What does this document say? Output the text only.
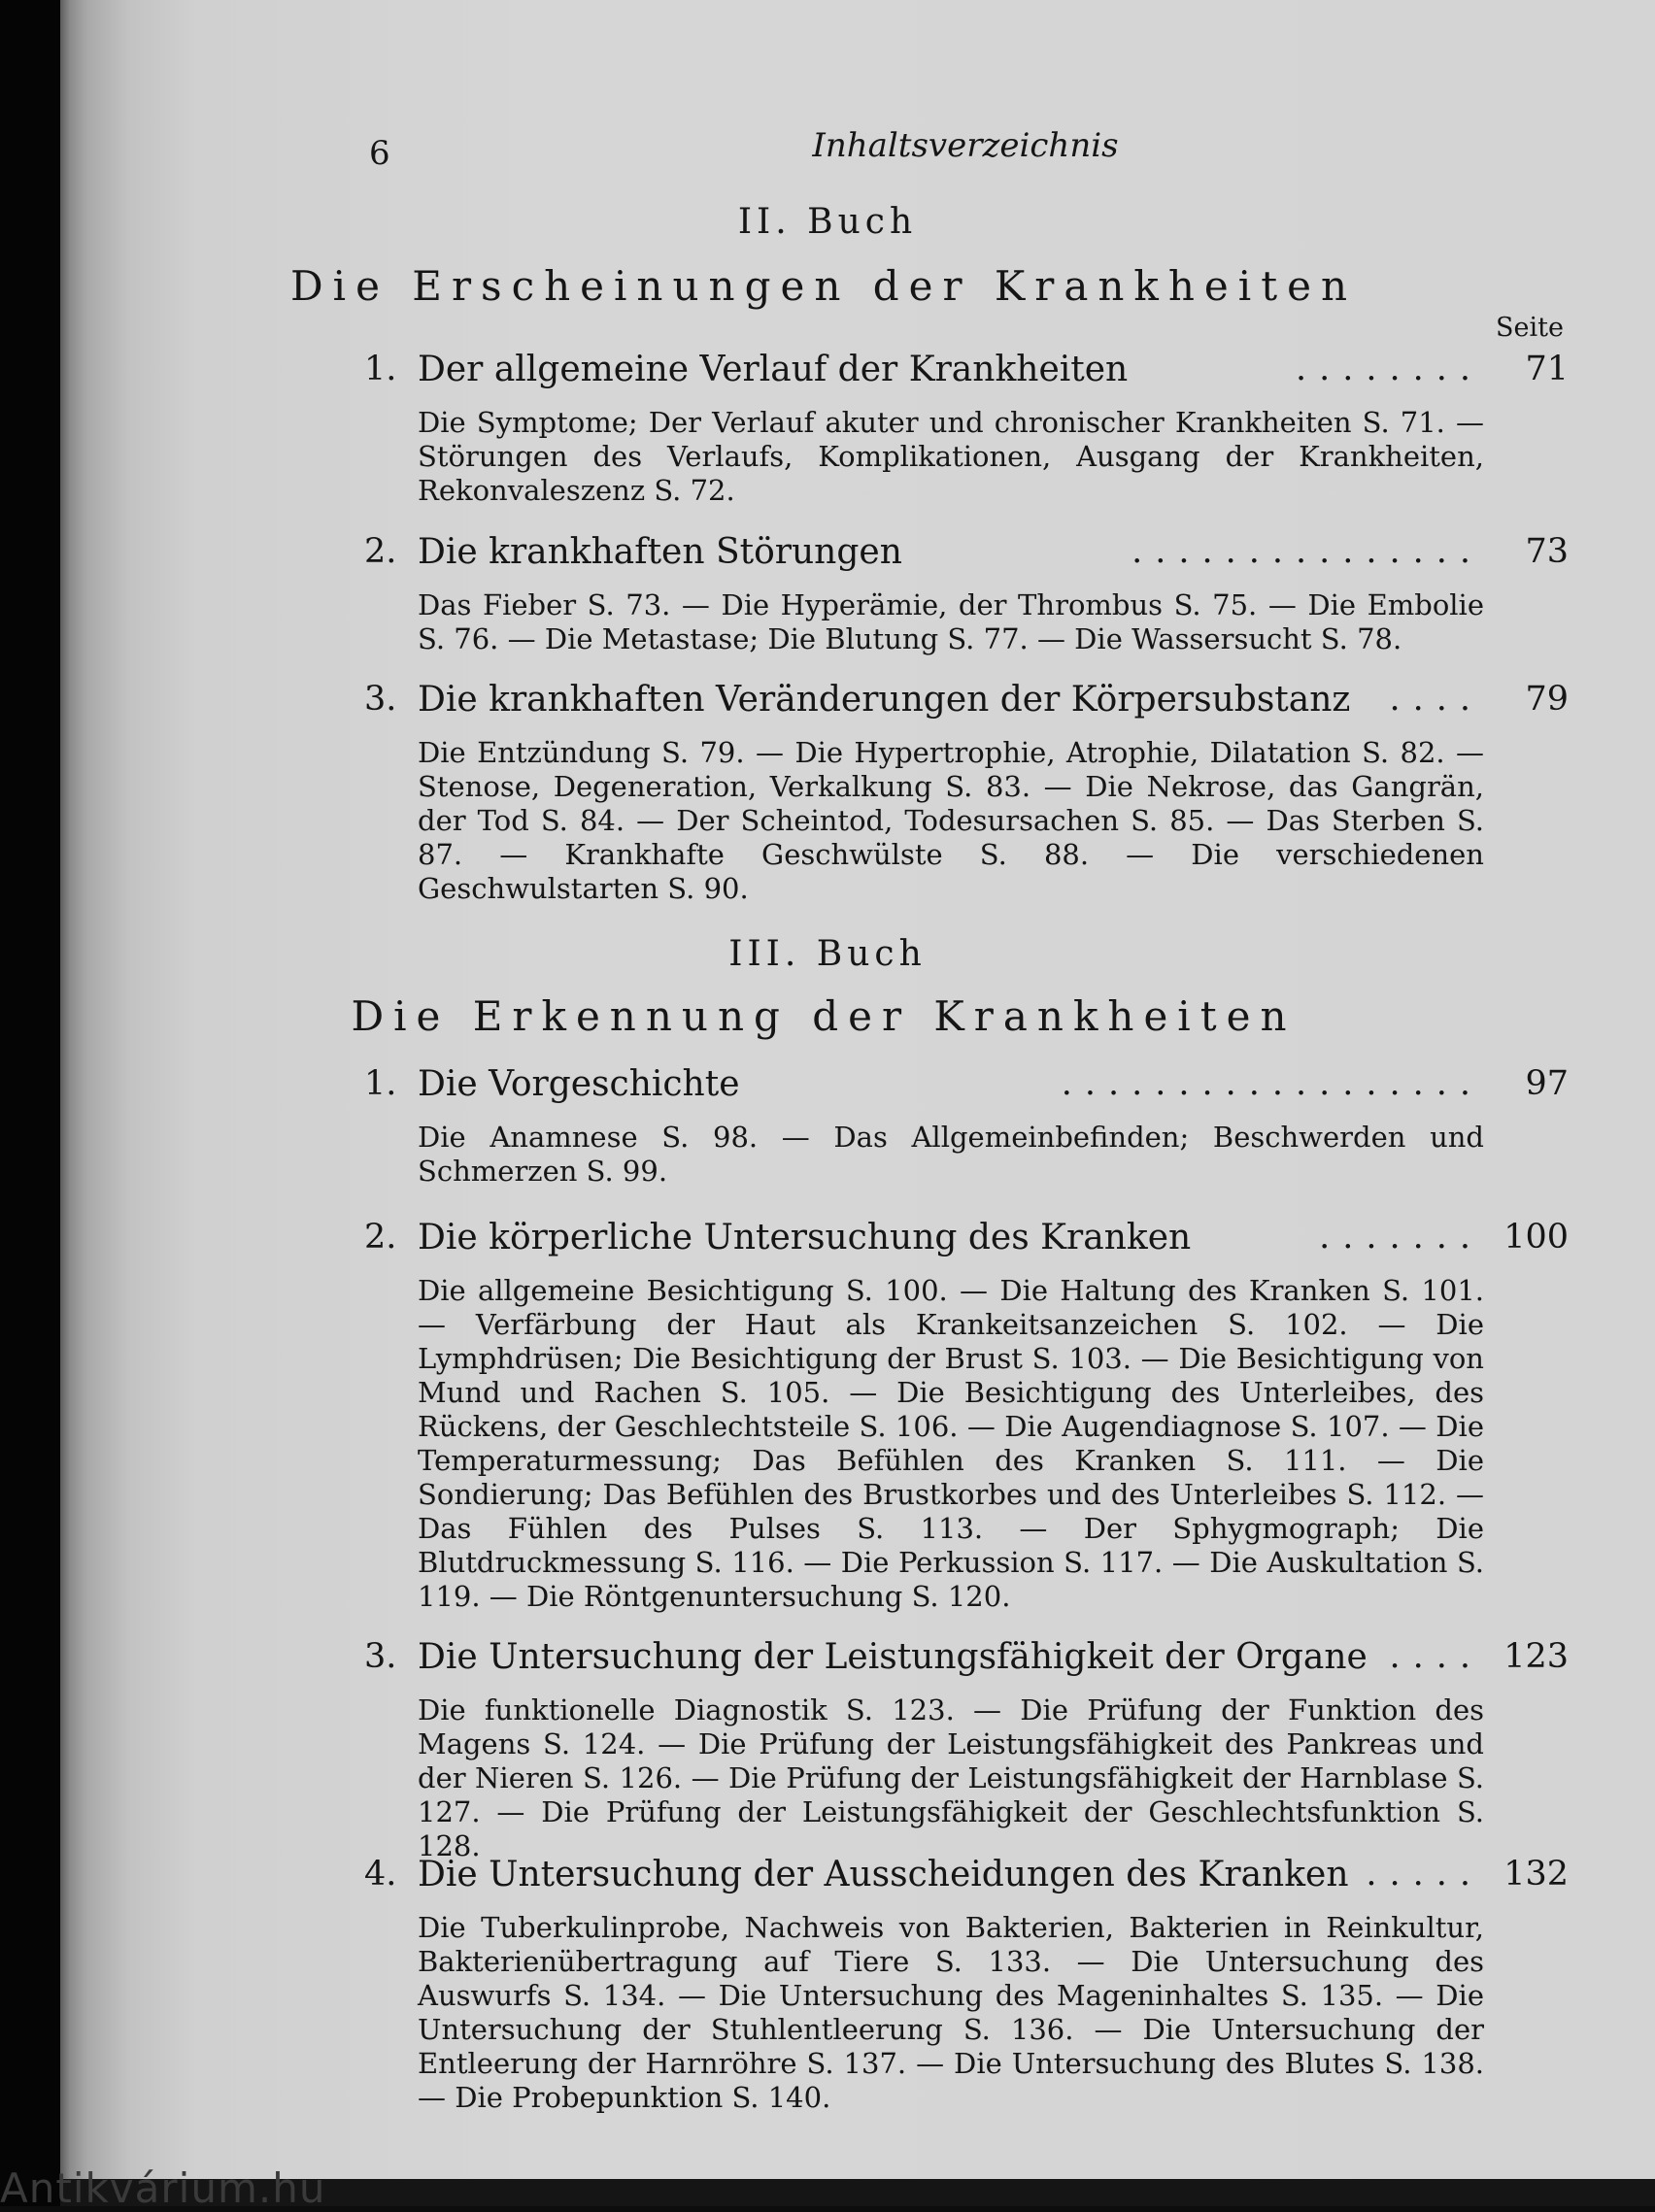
Antikvárium.hu
6	Inhaltsverzeichnis
II. Buch
Die Erscheinungen der Krankheiten
Seite
1. Der allgemeine Verlauf der Krankheiten	........ 71
Die Symptome; Der Verlauf akuter und chronischer Krankheiten S. 71. — Störungen des Verlaufs, Komplikationen, Ausgang der Krankheiten, Rekonvaleszenz S. 72.
2. Die krankhaften Störungen	............... 73
Das Fieber S. 73. — Die Hyperämie, der Thrombus S. 75. — Die Embolie S. 76. — Die Metastase; Die Blutung S. 77. — Die Wassersucht S. 78.
3. Die krankhaften Veränderungen der Körpersubstanz .... 79
Die Entzündung S. 79. — Die Hypertrophie, Atrophie, Dilatation S. 82. — Stenose, Degeneration, Verkalkung S. 83. — Die Nekrose, das Gangrän, der Tod S. 84. — Der Scheintod, Todesursachen S. 85. — Das Sterben S. 87. — Krankhafte Geschwülste S. 88. — Die verschiedenen Geschwulstarten S. 90.
III. Buch
Die Erkennung der Krankheiten
1. Die Vorgeschichte	.................. 97
Die Anamnese S. 98. — Das Allgemeinbefinden; Beschwerden und Schmerzen S. 99.
2. Die körperliche Untersuchung des Kranken	....... 100
Die allgemeine Besichtigung S. 100. — Die Haltung des Kranken S. 101. — Verfärbung der Haut als Krankeitsanzeichen S. 102. — Die Lymphdrüsen; Die Besichtigung der Brust S. 103. — Die Besichtigung von Mund und Rachen S. 105. — Die Besichtigung des Unterleibes, des Rückens, der Geschlechtsteile S. 106. — Die Augendiagnose S. 107. — Die Temperaturmessung; Das Befühlen des Kranken S. 111. — Die Sondierung; Das Befühlen des Brustkorbes und des Unterleibes S. 112. — Das Fühlen des Pulses S. 113. — Der Sphygmograph; Die Blutdruckmessung S. 116. — Die Perkussion S. 117. — Die Auskultation S. 119. — Die Röntgenuntersuchung S. 120.
3. Die Untersuchung der Leistungsfähigkeit der Organe .... 123
Die funktionelle Diagnostik S. 123. — Die Prüfung der Funktion des Magens S. 124. — Die Prüfung der Leistungsfähigkeit des Pankreas und der Nieren S. 126. — Die Prüfung der Leistungsfähigkeit der Harnblase S. 127. — Die Prüfung der Leistungsfähigkeit der Geschlechtsfunktion S. 128.
4. Die Untersuchung der Ausscheidungen des Kranken ..... 132
Die Tuberkulinprobe, Nachweis von Bakterien, Bakterien in Reinkultur, Bakterienübertragung auf Tiere S. 133. — Die Untersuchung des Auswurfs S. 134. — Die Untersuchung des Mageninhaltes S. 135. — Die Untersuchung der Stuhlentleerung S. 136. — Die Untersuchung der Entleerung der Harnröhre S. 137. — Die Untersuchung des Blutes S. 138. — Die Probepunktion S. 140.
